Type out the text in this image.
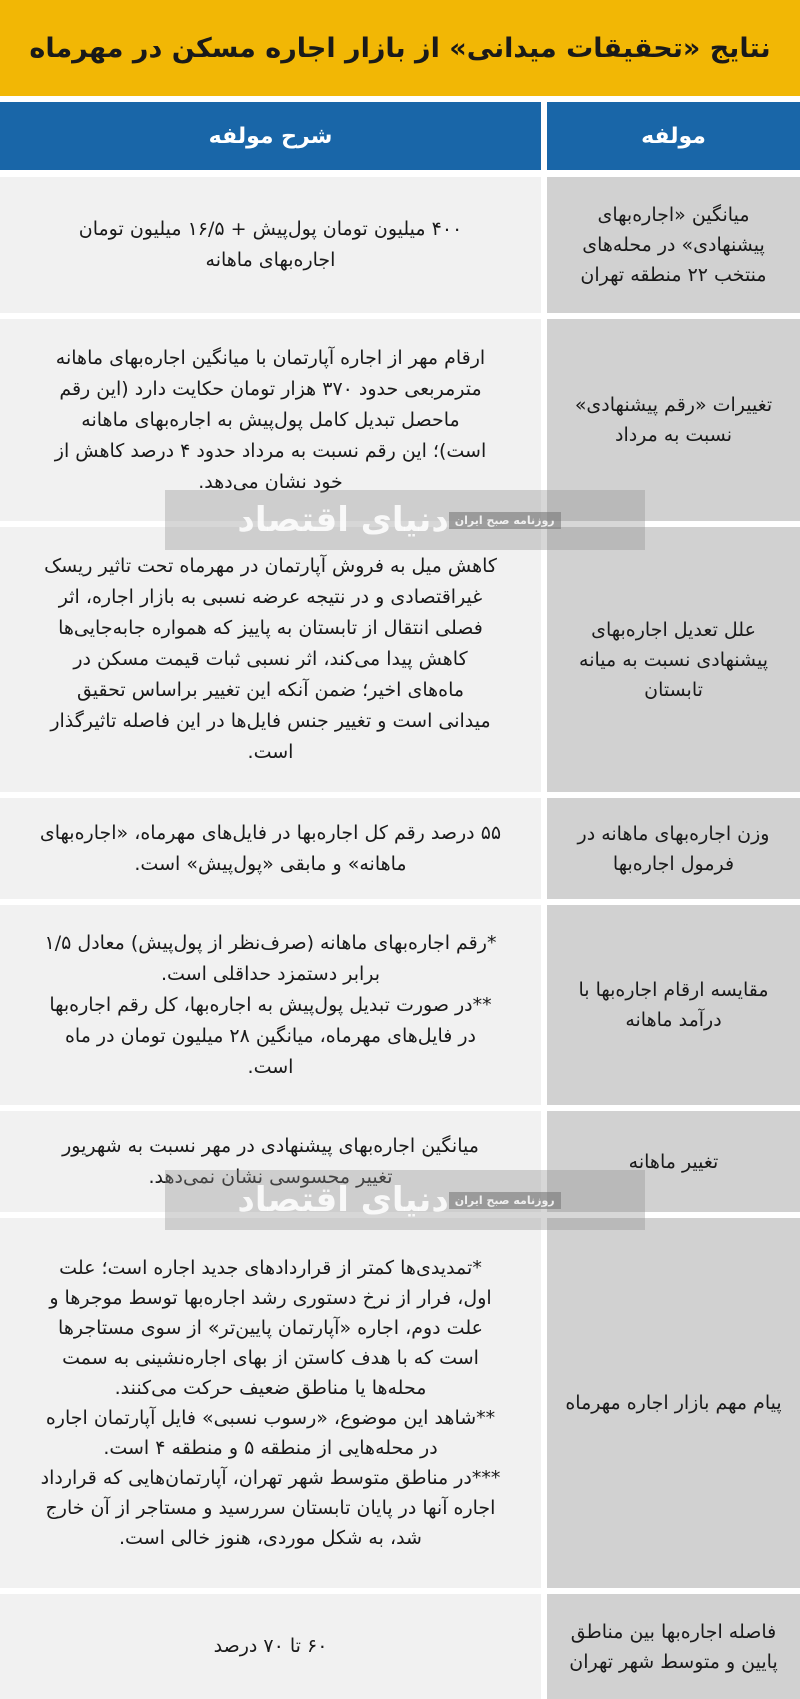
نتایج «تحقیقات میدانی» از بازار اجاره مسکن در مهرماه
مولفه
شرح مولفه
میانگین «اجاره‌بهای
پیشنهادی» در محله‌های
منتخب ۲۲ منطقه تهران
۴۰۰ میلیون تومان پول‌پیش + ۱۶/۵ میلیون تومان
اجاره‌بهای ماهانه
تغییرات «رقم پیشنهادی»
نسبت به مرداد
ارقام مهر از اجاره آپارتمان با میانگین اجاره‌بهای ماهانه
مترمربعی حدود ۳۷۰ هزار تومان حکایت دارد (این رقم
ماحصل تبدیل کامل پول‌پیش به اجاره‌بهای ماهانه
است)؛ این رقم نسبت به مرداد حدود ۴ درصد کاهش از
خود نشان می‌دهد.
علل تعدیل اجاره‌بهای
پیشنهادی نسبت به میانه
تابستان
کاهش میل به فروش آپارتمان در مهرماه تحت تاثیر ریسک
غیراقتصادی و در نتیجه عرضه نسبی به بازار اجاره، اثر
فصلی انتقال از تابستان به پاییز که همواره جابه‌جایی‌ها
کاهش پیدا می‌کند، اثر نسبی ثبات قیمت مسکن در
ماه‌های اخیر؛ ضمن آنکه این تغییر براساس تحقیق
میدانی است و تغییر جنس فایل‌ها در این فاصله تاثیرگذار
است.
وزن اجاره‌بهای ماهانه در
فرمول اجاره‌بها
۵۵ درصد رقم کل اجاره‌بها در فایل‌های مهرماه، «اجاره‌بهای
ماهانه» و مابقی «پول‌پیش» است.
مقایسه ارقام اجاره‌بها با
درآمد ماهانه
*رقم اجاره‌بهای ماهانه (صرف‌نظر از پول‌پیش) معادل ۱/۵
برابر دستمزد حداقلی است.
**در صورت تبدیل پول‌پیش به اجاره‌بها، کل رقم اجاره‌بها
در فایل‌های مهرماه، میانگین ۲۸ میلیون تومان در ماه
است.
تغییر ماهانه
میانگین اجاره‌بهای پیشنهادی در مهر نسبت به شهریور
تغییر محسوسی نشان نمی‌دهد.
پیام مهم بازار اجاره مهرماه
*تمدیدی‌ها کمتر از قراردادهای جدید اجاره است؛ علت
اول، فرار از نرخ دستوری رشد اجاره‌بها توسط موجرها و
علت دوم، اجاره «آپارتمان پایین‌تر» از سوی مستاجرها
است که با هدف کاستن از بهای اجاره‌نشینی به سمت
محله‌ها یا مناطق ضعیف حرکت می‌کنند.
**شاهد این موضوع، «رسوب نسبی» فایل آپارتمان اجاره
در محله‌هایی از منطقه ۵ و منطقه ۴ است.
***در مناطق متوسط شهر تهران، آپارتمان‌هایی که قرارداد
اجاره آنها در پایان تابستان سررسید و مستاجر از آن خارج
شد، به شکل موردی، هنوز خالی است.
فاصله اجاره‌بها بین مناطق
پایین و متوسط شهر تهران
۶۰ تا ۷۰ درصد
روزنامه صبح ایران
دنیای اقتصاد
روزنامه صبح ایران
دنیای اقتصاد
